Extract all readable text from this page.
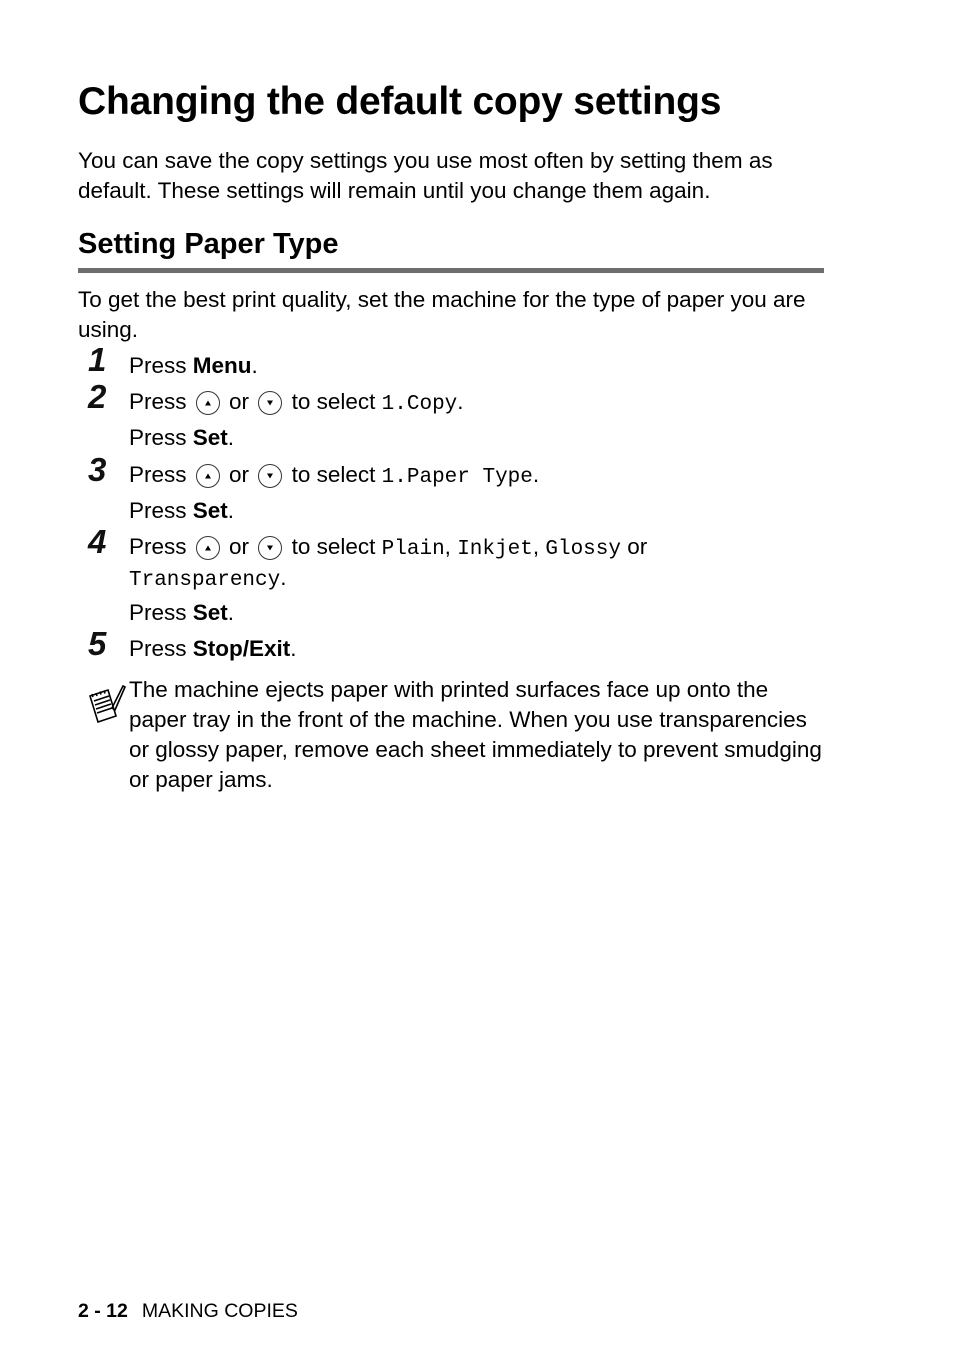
Changing the default copy settings

You can save the copy settings you use most often by setting them as default. These settings will remain until you change them again.

Setting Paper Type

To get the best print quality, set the machine for the type of paper you are using.

1	Press Menu.
2	Press or to select 1.Copy.
Press Set.
3	Press or to select 1.Paper Type.
Press Set.
4	Press or to select Plain, Inkjet, Glossy or
Transparency.
Press Set.
5	Press Stop/Exit.

The machine ejects paper with printed surfaces face up onto the paper tray in the front of the machine. When you use transparencies or glossy paper, remove each sheet immediately to prevent smudging or paper jams.

2 - 12 MAKING COPIES
